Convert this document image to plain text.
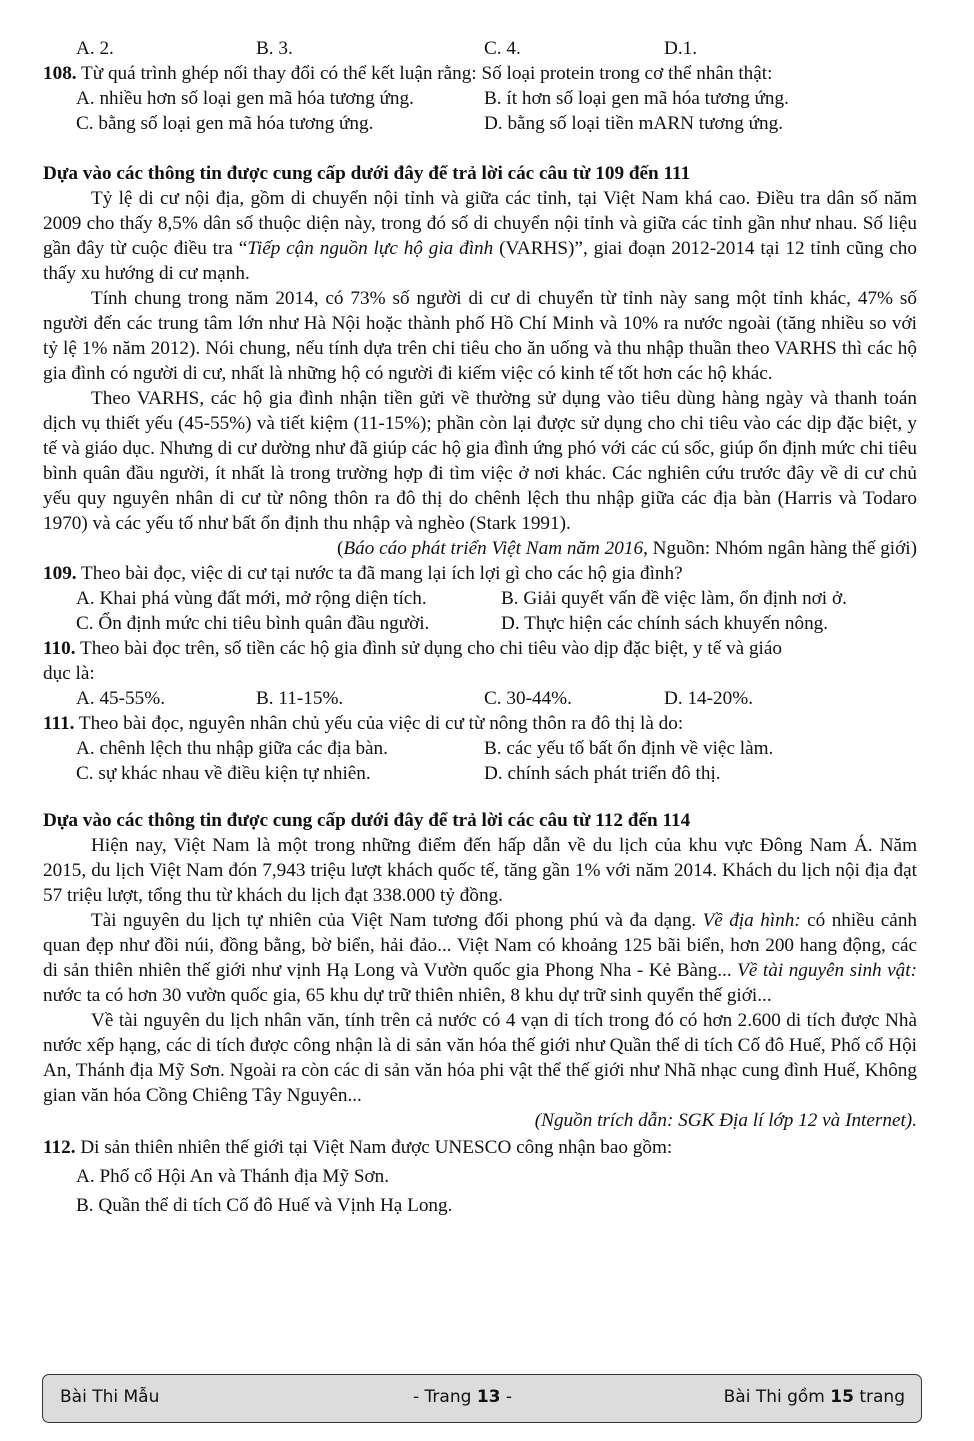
A. 2.	B. 3.	C. 4.	D.1.
108. Từ quá trình ghép nối thay đổi có thể kết luận rằng: Số loại protein trong cơ thể nhân thật:
A. nhiều hơn số loại gen mã hóa tương ứng.	B. ít hơn số loại gen mã hóa tương ứng.
C. bằng số loại gen mã hóa tương ứng.	D. bằng số loại tiền mARN tương ứng.
Dựa vào các thông tin được cung cấp dưới đây để trả lời các câu từ 109 đến 111

Tỷ lệ di cư nội địa, gồm di chuyển nội tỉnh và giữa các tỉnh, tại Việt Nam khá cao. Điều tra dân số năm 2009 cho thấy 8,5% dân số thuộc diện này, trong đó số di chuyển nội tỉnh và giữa các tỉnh gần như nhau. Số liệu gần đây từ cuộc điều tra “Tiếp cận nguồn lực hộ gia đình (VARHS)”, giai đoạn 2012-2014 tại 12 tỉnh cũng cho thấy xu hướng di cư mạnh.

Tính chung trong năm 2014, có 73% số người di cư di chuyển từ tỉnh này sang một tỉnh khác, 47% số người đến các trung tâm lớn như Hà Nội hoặc thành phố Hồ Chí Minh và 10% ra nước ngoài (tăng nhiều so với tỷ lệ 1% năm 2012). Nói chung, nếu tính dựa trên chi tiêu cho ăn uống và thu nhập thuần theo VARHS thì các hộ gia đình có người di cư, nhất là những hộ có người đi kiếm việc có kinh tế tốt hơn các hộ khác.

Theo VARHS, các hộ gia đình nhận tiền gửi về thường sử dụng vào tiêu dùng hàng ngày và thanh toán dịch vụ thiết yếu (45-55%) và tiết kiệm (11-15%); phần còn lại được sử dụng cho chi tiêu vào các dịp đặc biệt, y tế và giáo dục. Nhưng di cư dường như đã giúp các hộ gia đình ứng phó với các cú sốc, giúp ổn định mức chi tiêu bình quân đầu người, ít nhất là trong trường hợp đi tìm việc ở nơi khác. Các nghiên cứu trước đây về di cư chủ yếu quy nguyên nhân di cư từ nông thôn ra đô thị do chênh lệch thu nhập giữa các địa bàn (Harris và Todaro 1970) và các yếu tố như bất ổn định thu nhập và nghèo (Stark 1991).

(Báo cáo phát triển Việt Nam năm 2016, Nguồn: Nhóm ngân hàng thế giới)
109. Theo bài đọc, việc di cư tại nước ta đã mang lại ích lợi gì cho các hộ gia đình?
A. Khai phá vùng đất mới, mở rộng diện tích.	B. Giải quyết vấn đề việc làm, ổn định nơi ở.
C. Ổn định mức chi tiêu bình quân đầu người.	D. Thực hiện các chính sách khuyến nông.
110. Theo bài đọc trên, số tiền các hộ gia đình sử dụng cho chi tiêu vào dịp đặc biệt, y tế và giáo
dục là:
A. 45-55%.	B. 11-15%.	C. 30-44%.	D. 14-20%.
111. Theo bài đọc, nguyên nhân chủ yếu của việc di cư từ nông thôn ra đô thị là do:
A. chênh lệch thu nhập giữa các địa bàn.	B. các yếu tố bất ổn định về việc làm.
C. sự khác nhau về điều kiện tự nhiên.	D. chính sách phát triển đô thị.
Dựa vào các thông tin được cung cấp dưới đây để trả lời các câu từ 112 đến 114

Hiện nay, Việt Nam là một trong những điểm đến hấp dẫn về du lịch của khu vực Đông Nam Á. Năm 2015, du lịch Việt Nam đón 7,943 triệu lượt khách quốc tế, tăng gần 1% với năm 2014. Khách du lịch nội địa đạt 57 triệu lượt, tổng thu từ khách du lịch đạt 338.000 tỷ đồng.

Tài nguyên du lịch tự nhiên của Việt Nam tương đối phong phú và đa dạng. Về địa hình: có nhiều cảnh quan đẹp như đồi núi, đồng bằng, bờ biển, hải đảo... Việt Nam có khoảng 125 bãi biển, hơn 200 hang động, các di sản thiên nhiên thế giới như vịnh Hạ Long và Vườn quốc gia Phong Nha - Kẻ Bàng... Về tài nguyên sinh vật: nước ta có hơn 30 vườn quốc gia, 65 khu dự trữ thiên nhiên, 8 khu dự trữ sinh quyển thế giới...

Về tài nguyên du lịch nhân văn, tính trên cả nước có 4 vạn di tích trong đó có hơn 2.600 di tích được Nhà nước xếp hạng, các di tích được công nhận là di sản văn hóa thế giới như Quần thể di tích Cố đô Huế, Phố cổ Hội An, Thánh địa Mỹ Sơn. Ngoài ra còn các di sản văn hóa phi vật thể thế giới như Nhã nhạc cung đình Huế, Không gian văn hóa Cồng Chiêng Tây Nguyên...

(Nguồn trích dẫn: SGK Địa lí lớp 12 và Internet).
112. Di sản thiên nhiên thế giới tại Việt Nam được UNESCO công nhận bao gồm:
A. Phố cổ Hội An và Thánh địa Mỹ Sơn.
B. Quần thể di tích Cố đô Huế và Vịnh Hạ Long.
Bài Thi Mẫu	- Trang 13 -	Bài Thi gồm 15 trang
